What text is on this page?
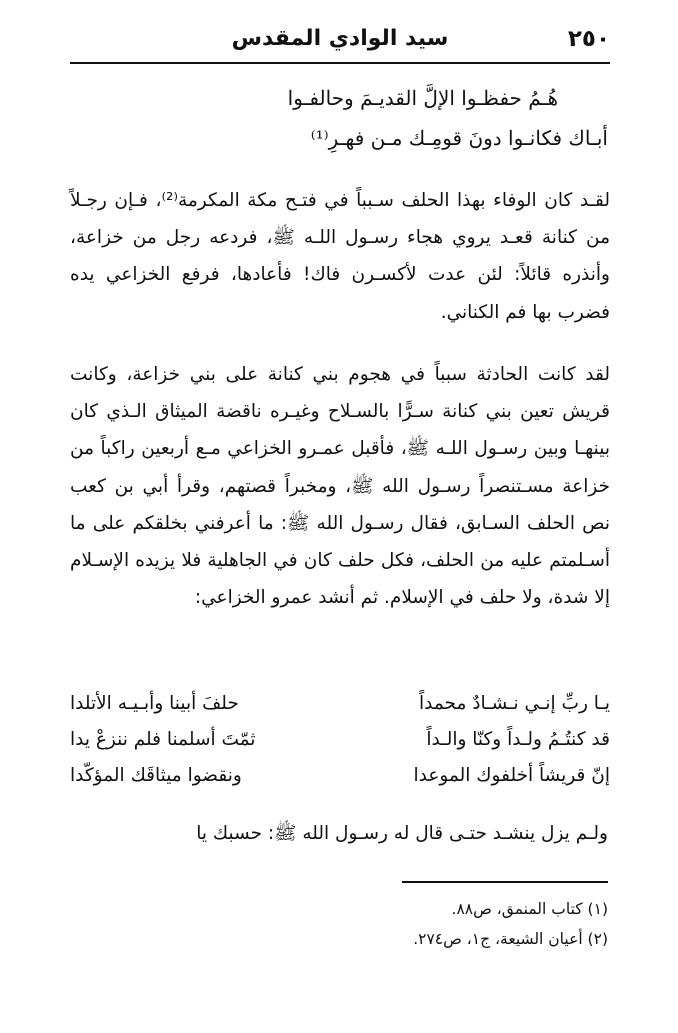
٢٥٠
سيد الوادي المقدس
هُـمُ حفظـوا الإلَّ القديـمَ وحالفـوا
أبـاك فكانـوا دونَ قومِـك مـن فهـرِ⁽¹⁾
لقـد كان الوفاء بهذا الحلف سـبباً في فتـح مكة المكرمة⁽²⁾، فـإن رجـلاً من كنانة قعـد يروي هجاء رسـول اللـه ﷺ، فردعه رجل من خزاعة، وأنذره قائلاً: لئن عدت لأكسـرن فاك! فأعادها، فرفع الخزاعي يده فضرب بها فم الكناني.
لقد كانت الحادثة سبباً في هجوم بني كنانة على بني خزاعة، وكانت قريش تعين بني كنانة سـرًّا بالسـلاح وغيـره ناقضة الميثاق الـذي كان بينهـا وبين رسـول اللـه ﷺ، فأقبل عمـرو الخزاعي مـع أربعين راكباً من خزاعة مسـتنصراً رسـول الله ﷺ، ومخبراً قصتهم، وقرأ أبي بن كعب نص الحلف السـابق، فقال رسـول الله ﷺ: ما أعرفني بخلقكم على ما أسـلمتم عليه من الحلف، فكل حلف كان في الجاهلية فلا يزيده الإسـلام إلا شدة، ولا حلف في الإسلام. ثم أنشد عمرو الخزاعي:
يـا ربِّ إنـي نـشـادٌ محمداً
حلفَ أبينا وأبـيـه الأتلدا
قد كنتُـمُ ولـداً وكنّا والـداً
ثمّتَ أسلمنا فلم ننزعْ يدا
إنّ قريشاً أخلفوك الموعدا
ونقضوا ميثاقَك المؤكّدا
ولـم يزل ينشـد حتـى قال له رسـول الله ﷺ: حسبك يا
(١) كتاب المنمق، ص٨٨.
(٢) أعيان الشيعة، ج١، ص٢٧٤.
